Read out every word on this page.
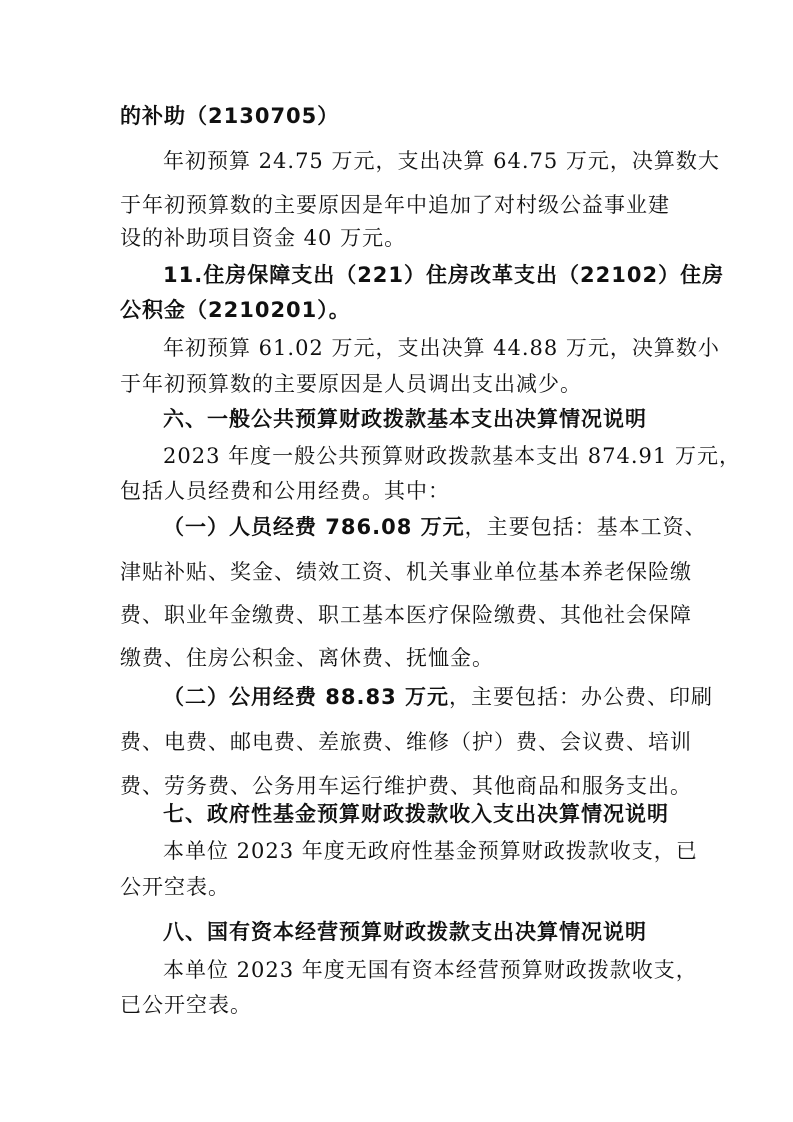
的补助（2130705）
年初预算 24.75 万元，支出决算 64.75 万元，决算数大
于年初预算数的主要原因是年中追加了对村级公益事业建
设的补助项目资金 40 万元。
11.住房保障支出（221）住房改革支出（22102）住房
公积金（2210201）。
年初预算 61.02 万元，支出决算 44.88 万元，决算数小
于年初预算数的主要原因是人员调出支出减少。
六、一般公共预算财政拨款基本支出决算情况说明
2023 年度一般公共预算财政拨款基本支出 874.91 万元，
包括人员经费和公用经费。其中：
（一）人员经费 786.08 万元，主要包括：基本工资、
津贴补贴、奖金、绩效工资、机关事业单位基本养老保险缴
费、职业年金缴费、职工基本医疗保险缴费、其他社会保障
缴费、住房公积金、离休费、抚恤金。
（二）公用经费 88.83 万元，主要包括：办公费、印刷
费、电费、邮电费、差旅费、维修（护）费、会议费、培训
费、劳务费、公务用车运行维护费、其他商品和服务支出。
七、政府性基金预算财政拨款收入支出决算情况说明
本单位 2023 年度无政府性基金预算财政拨款收支，已
公开空表。
八、国有资本经营预算财政拨款支出决算情况说明
本单位 2023 年度无国有资本经营预算财政拨款收支，
已公开空表。
